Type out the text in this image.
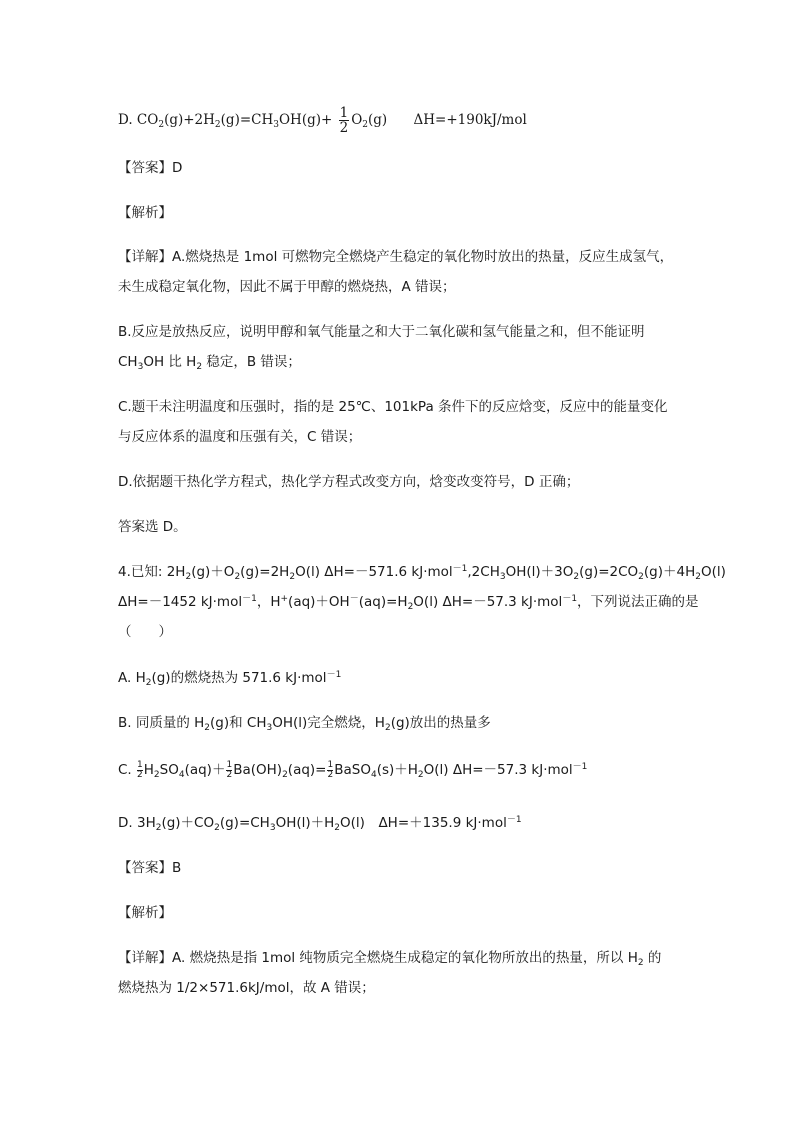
D. $CO_2(g)+2H_2(g)=CH_3OH(g)+ \frac{1}{2} O_2(g)$ ΔH=+190kJ/mol
【答案】D
【解析】
【详解】A.燃烧热是 1mol 可燃物完全燃烧产生稳定的氧化物时放出的热量，反应生成氢气，
未生成稳定氧化物，因此不属于甲醇的燃烧热，A 错误；
B.反应是放热反应，说明甲醇和氧气能量之和大于二氧化碳和氢气能量之和，但不能证明
$CH_3OH$ 比 $H_2$ 稳定，B 错误；
C.题干未注明温度和压强时，指的是 25℃、101kPa 条件下的反应焓变，反应中的能量变化
与反应体系的温度和压强有关，C 错误；
D.依据题干热化学方程式，热化学方程式改变方向，焓变改变符号，D 正确；
答案选 D。
4.已知: $2H_2(g)+O_2(g)=2H_2O(l)$ ΔH=－571.6 $kJ\cdot mol^{-1},2CH_3OH(l)+3O_2(g)=2CO_2(g)+4H_2O(l)$
ΔH=－1452 kJ·mol$^{-1}$，$H^+(aq)+OH^-(aq)=H_2O(l)$ ΔH=－57.3 kJ·mol$^{-1}$，下列说法正确的是
（　　）
A. $H_2(g)$的燃烧热为 571.6 kJ·mol$^{-1}$
B. 同质量的 $H_2(g)$和 $CH_3OH(l)$完全燃烧，$H_2(g)$放出的热量多
C. $\frac{1}{2} H_2SO_4(aq)+ \frac{1}{2} Ba(OH)_2(aq)= \frac{1}{2}$ $BaSO_4(s)+H_2O(l)$ ΔH=－57.3 kJ·mol$^{-1}$
D. $3H_2(g)+CO_2(g)=CH_3OH(l)+H_2O(l)$　ΔH=＋135.9 kJ·mol$^{-1}$
【答案】B
【解析】
【详解】A. 燃烧热是指 1mol 纯物质完全燃烧生成稳定的氧化物所放出的热量，所以 $H_2$ 的
燃烧热为 1/2×571.6kJ/mol，故 A 错误；
